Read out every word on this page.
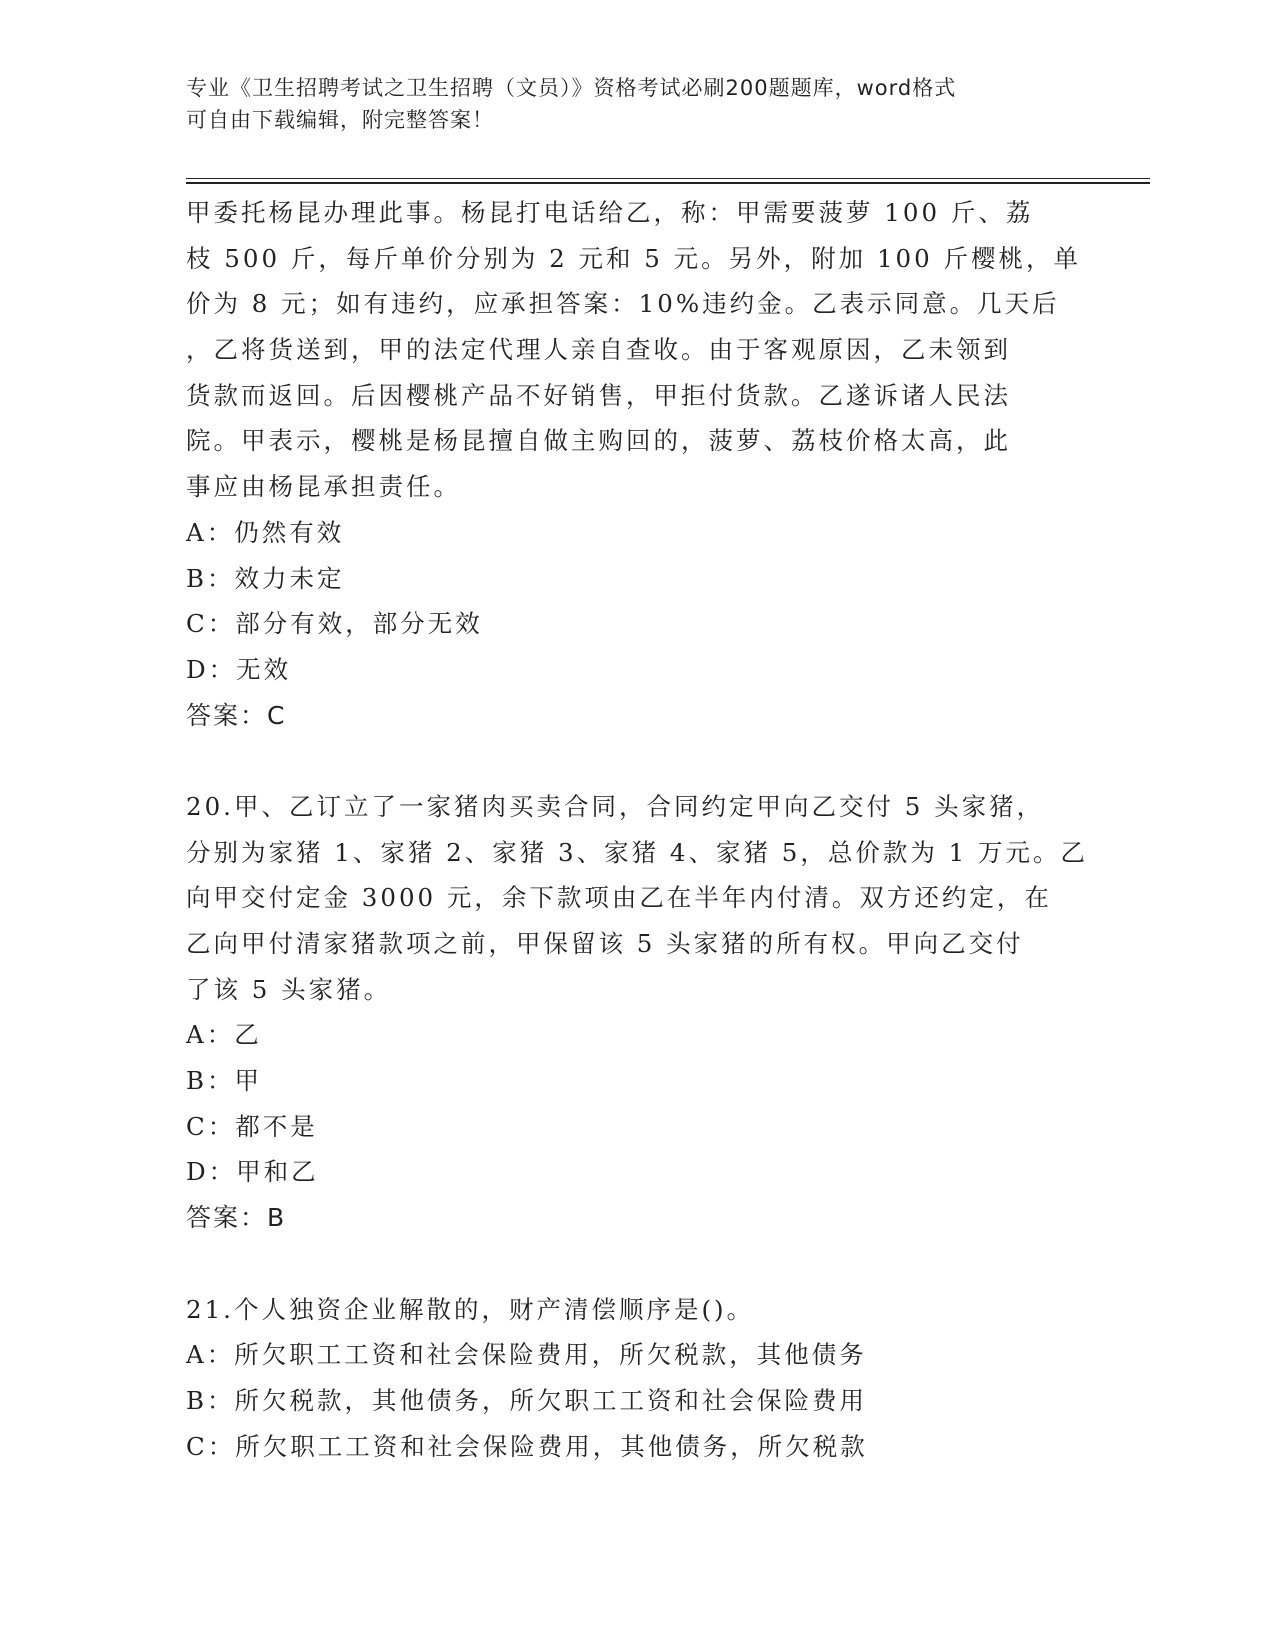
专业《卫生招聘考试之卫生招聘（文员）》资格考试必刷200题题库，word格式
可自由下载编辑，附完整答案！
甲委托杨昆办理此事。杨昆打电话给乙，称：甲需要菠萝 100 斤、荔
枝 500 斤，每斤单价分别为 2 元和 5 元。另外，附加 100 斤樱桃，单
价为 8 元；如有违约，应承担答案：10%违约金。乙表示同意。几天后
，乙将货送到，甲的法定代理人亲自查收。由于客观原因，乙未领到
货款而返回。后因樱桃产品不好销售，甲拒付货款。乙遂诉诸人民法
院。甲表示，樱桃是杨昆擅自做主购回的，菠萝、荔枝价格太高，此
事应由杨昆承担责任。
A：仍然有效
B：效力未定
C：部分有效，部分无效
D：无效
答案：C
20.甲、乙订立了一家猪肉买卖合同，合同约定甲向乙交付 5 头家猪，
分别为家猪 1、家猪 2、家猪 3、家猪 4、家猪 5，总价款为 1 万元。乙
向甲交付定金 3000 元，余下款项由乙在半年内付清。双方还约定，在
乙向甲付清家猪款项之前，甲保留该 5 头家猪的所有权。甲向乙交付
了该 5 头家猪。
A：乙
B：甲
C：都不是
D：甲和乙
答案：B
21.个人独资企业解散的，财产清偿顺序是()。
A：所欠职工工资和社会保险费用，所欠税款，其他债务
B：所欠税款，其他债务，所欠职工工资和社会保险费用
C：所欠职工工资和社会保险费用，其他债务，所欠税款
